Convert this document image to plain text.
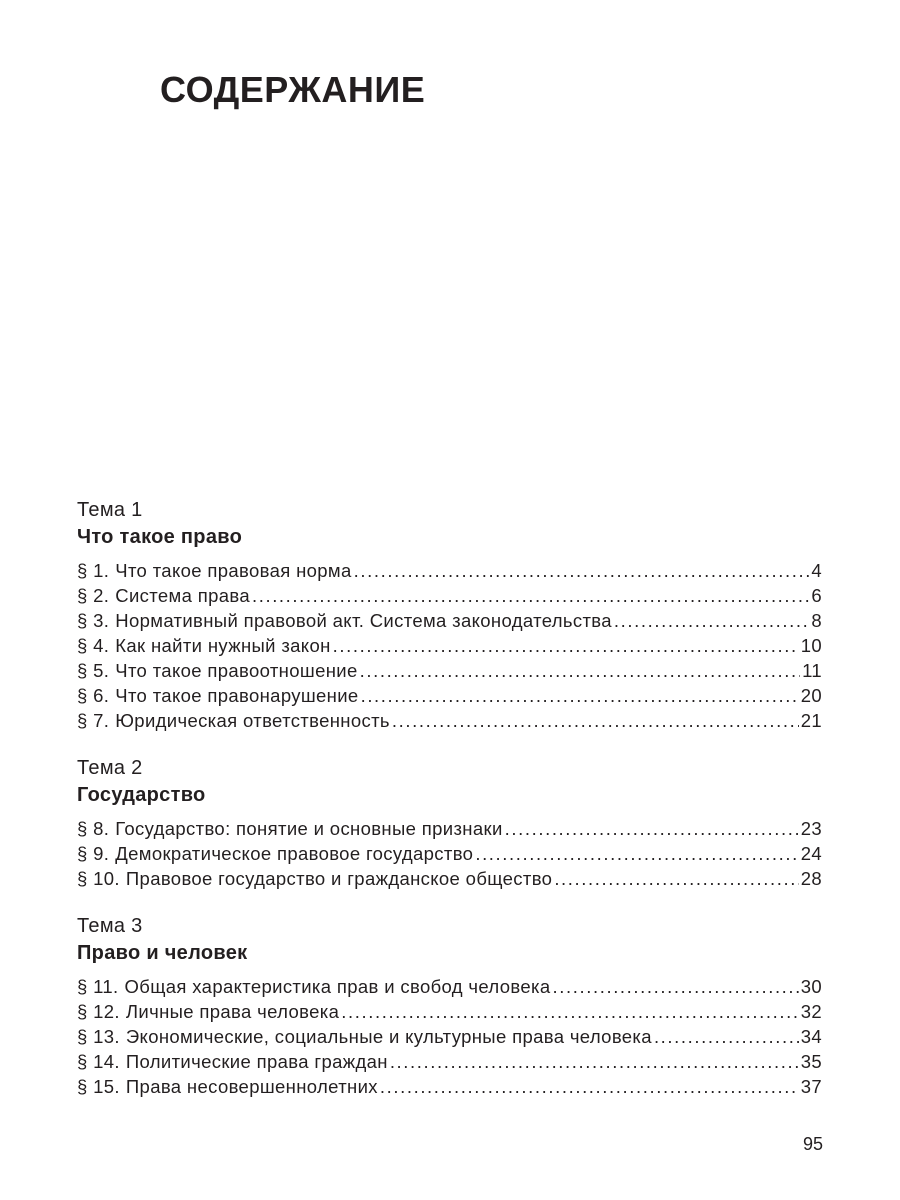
СОДЕРЖАНИЕ
Тема 1
Что такое право
§ 1. Что такое правовая норма .....	4
§ 2. Система права .....	6
§ 3. Нормативный правовой акт. Система законодательства .....	8
§ 4. Как найти нужный закон .....	10
§ 5. Что такое правоотношение .....	11
§ 6. Что такое правонарушение .....	20
§ 7. Юридическая ответственность .....	21
Тема 2
Государство
§ 8. Государство: понятие и основные признаки .....	23
§ 9. Демократическое правовое государство .....	24
§ 10. Правовое государство и гражданское общество .....	28
Тема 3
Право и человек
§ 11. Общая характеристика прав и свобод человека .....	30
§ 12. Личные права человека .....	32
§ 13. Экономические, социальные и культурные права человека .....	34
§ 14. Политические права граждан .....	35
§ 15. Права несовершеннолетних .....	37
95
